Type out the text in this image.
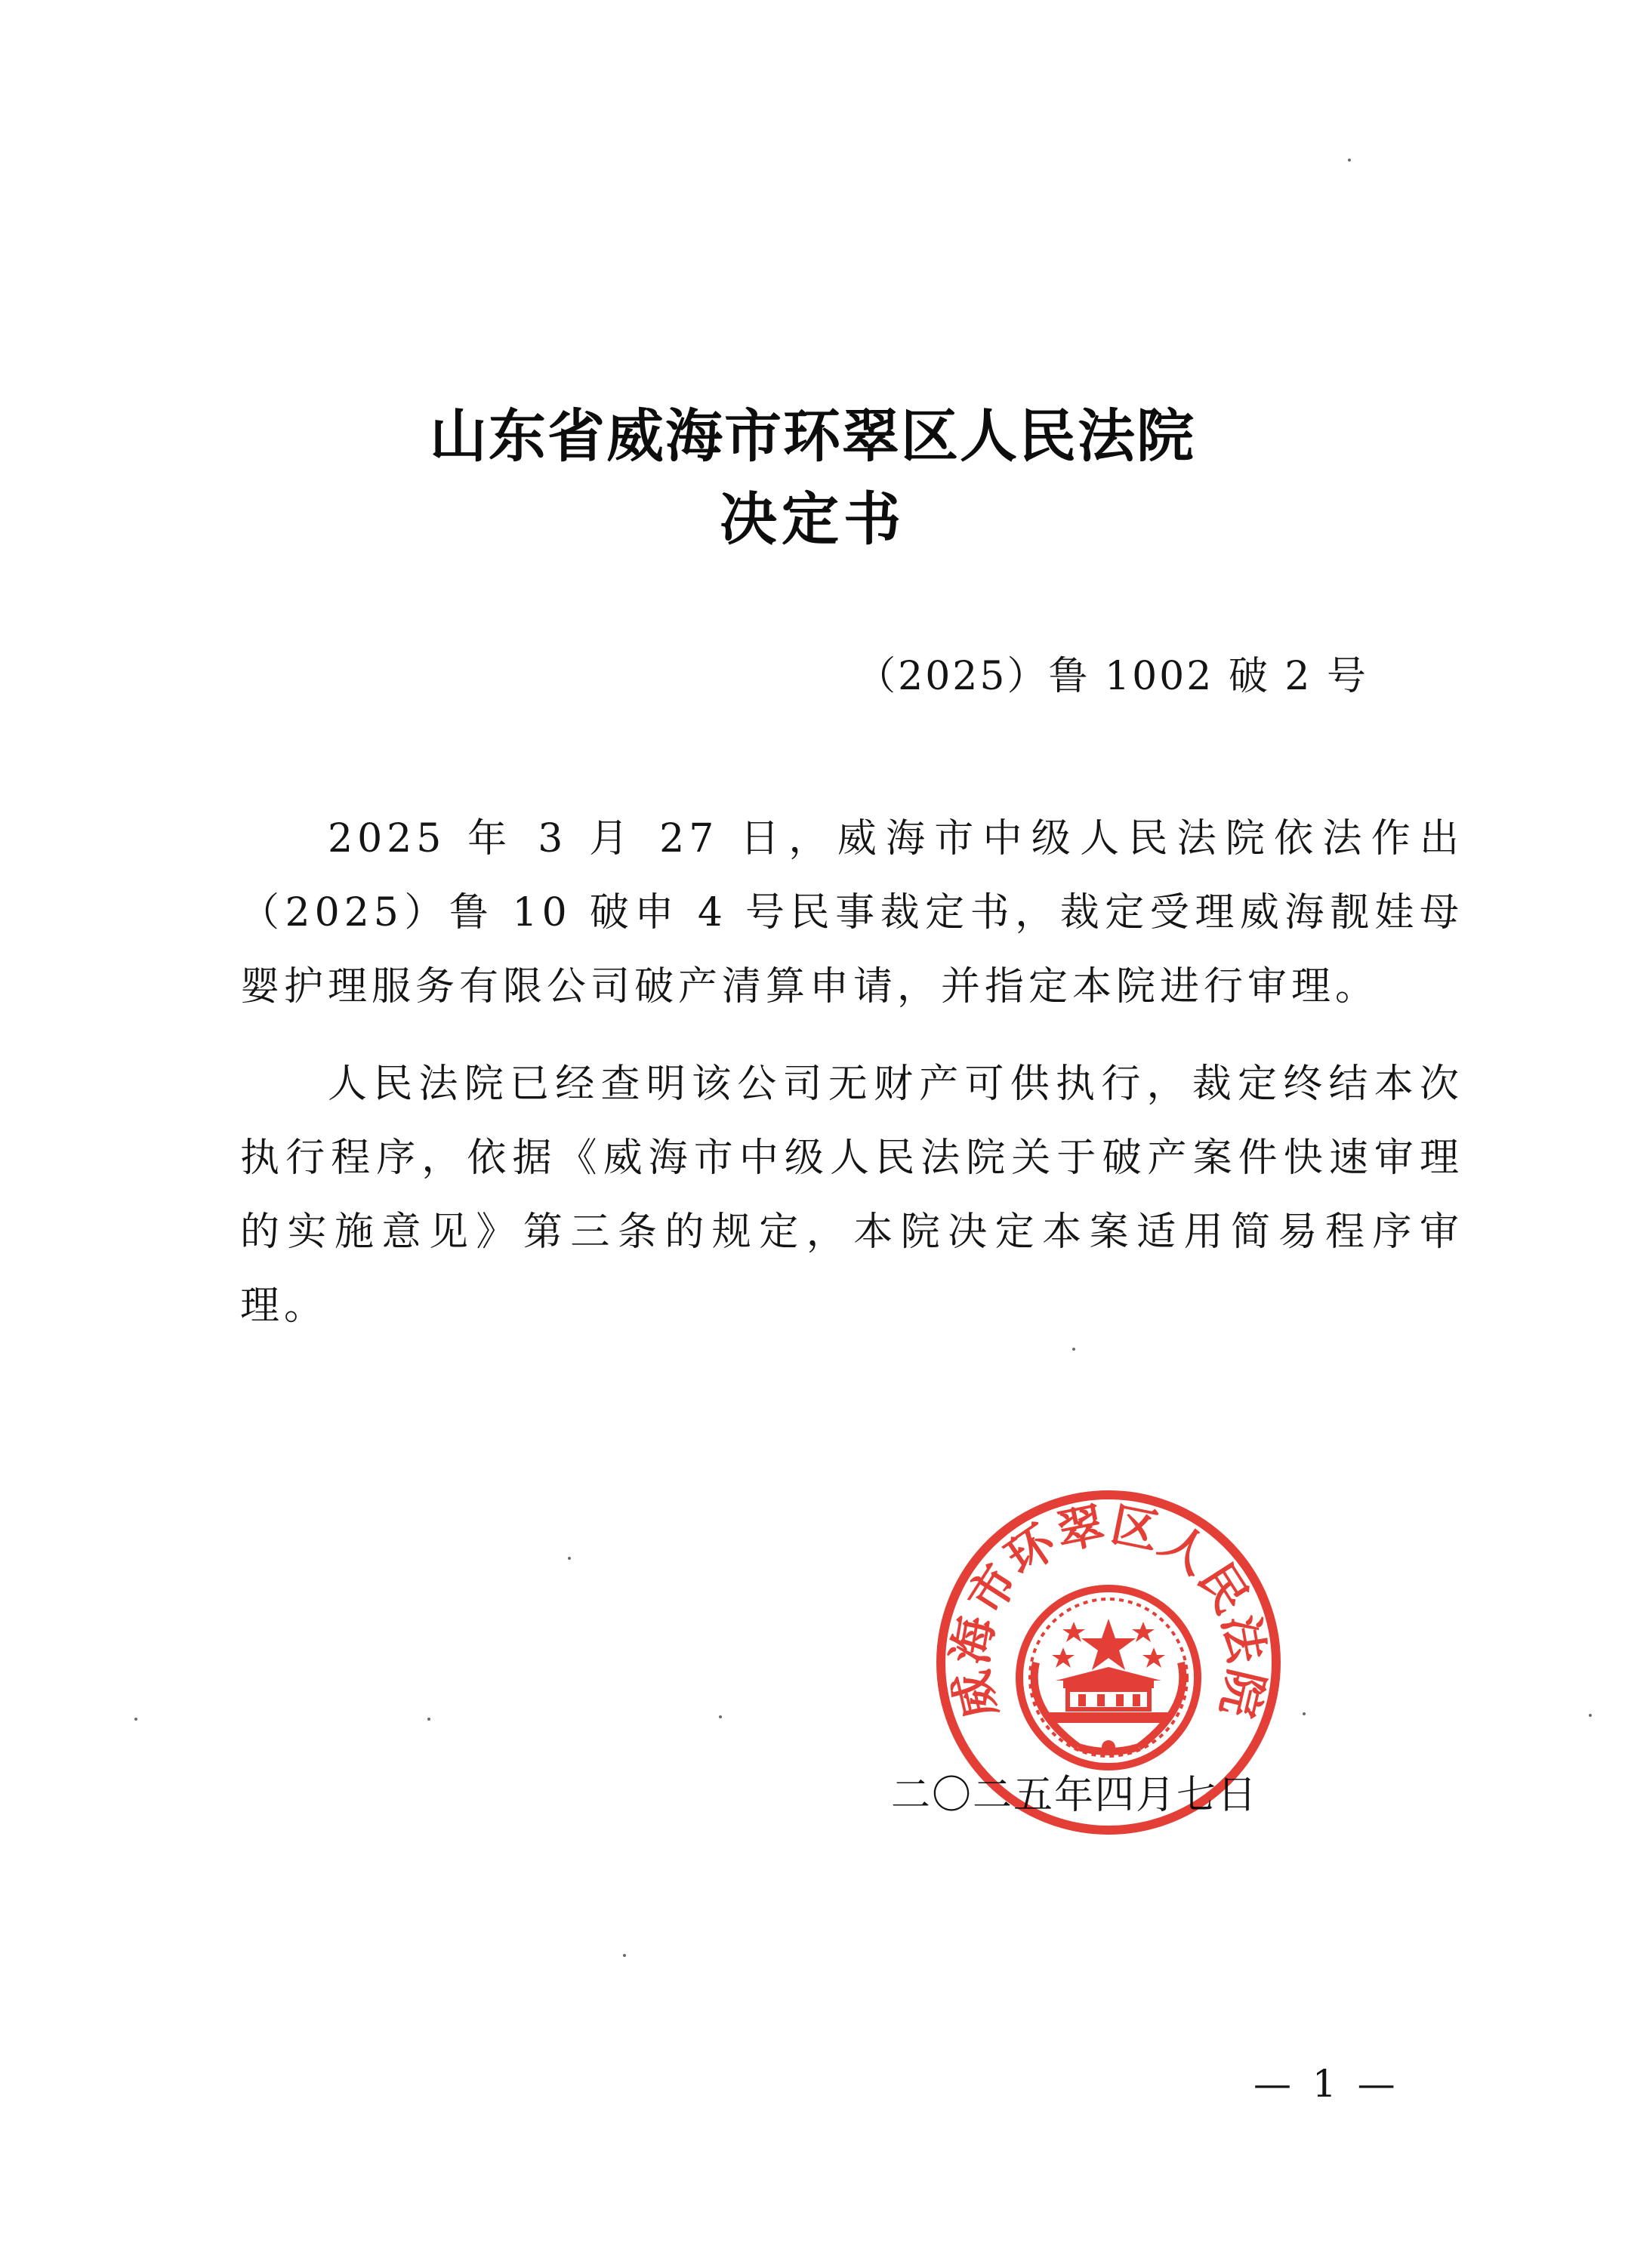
山东省威海市环翠区人民法院
决定书
（2025）鲁 1002 破 2 号

2025 年 3 月 27 日，威海市中级人民法院依法作出（2025）鲁 10 破申 4 号民事裁定书，裁定受理威海靓娃母婴护理服务有限公司破产清算申请，并指定本院进行审理。

人民法院已经查明该公司无财产可供执行，裁定终结本次执行程序，依据《威海市中级人民法院关于破产案件快速审理的实施意见》第三条的规定，本院决定本案适用简易程序审理。

二〇二五年四月七日
威海市环翠区人民法院
— 1 —
